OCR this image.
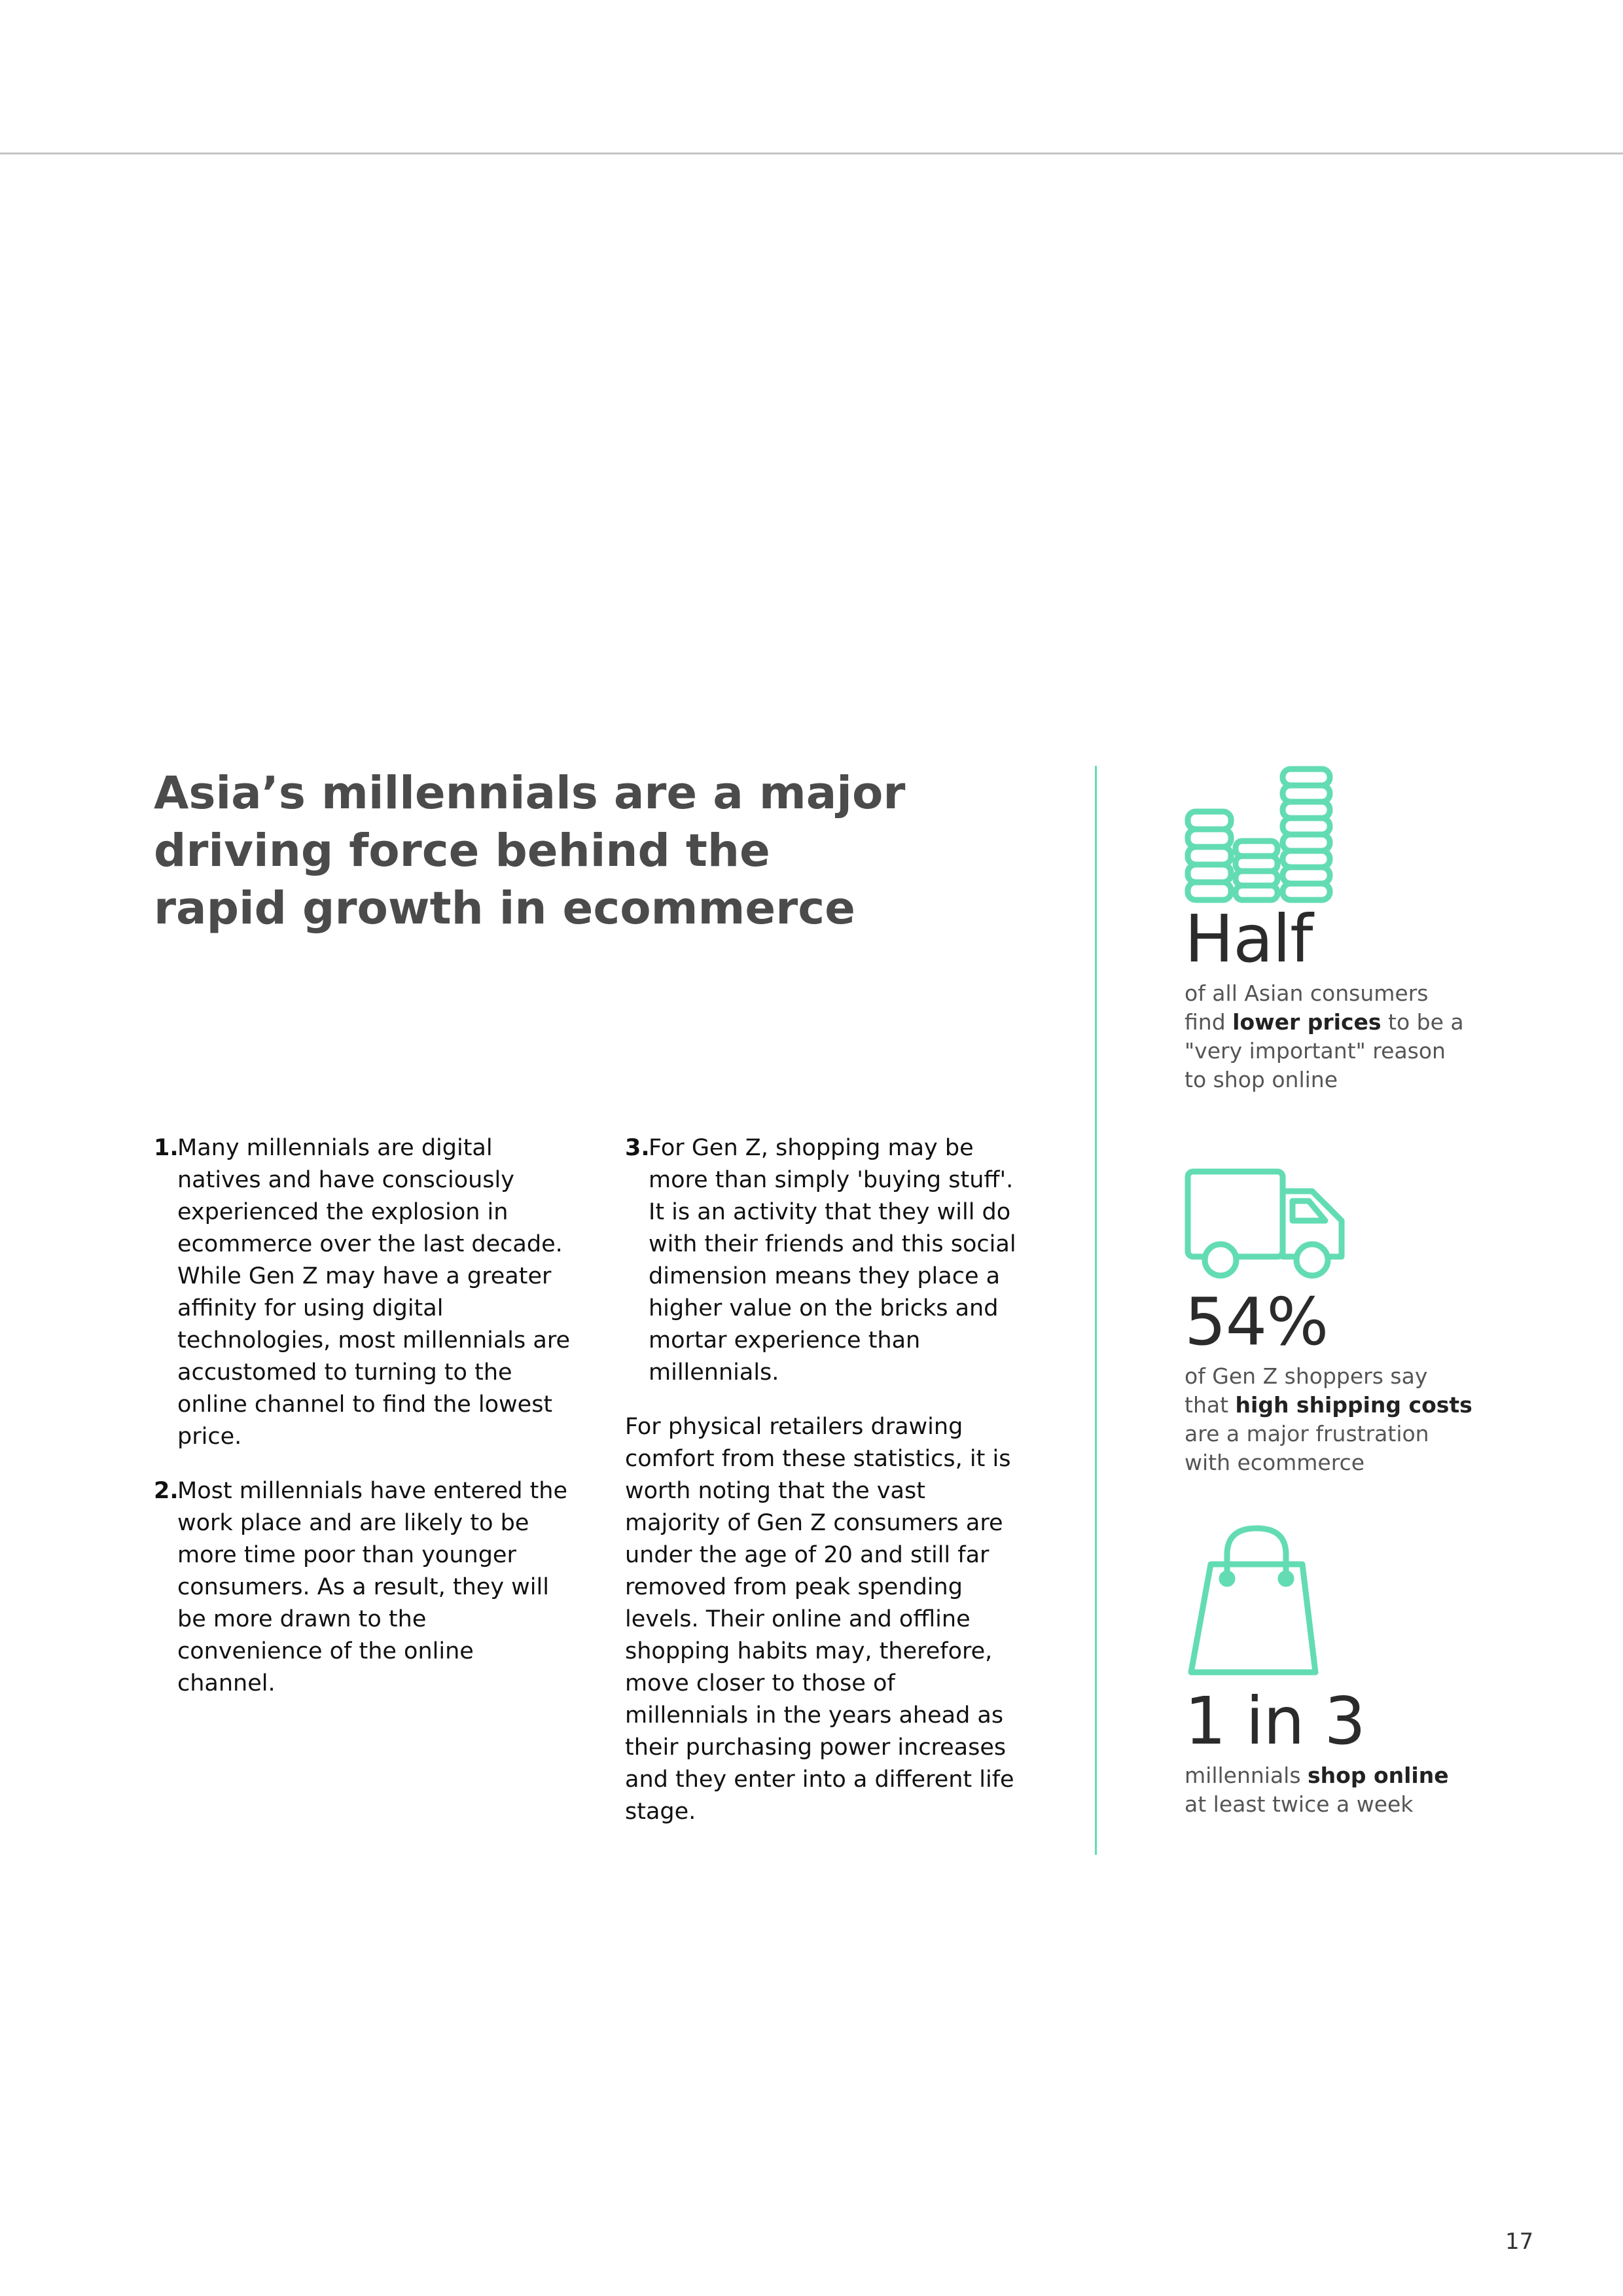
Asia’s millennials are a major driving force behind the rapid growth in ecommerce
1.
Many millennials are digital natives and have consciously experienced the explosion in ecommerce over the last decade. While Gen Z may have a greater affinity for using digital technologies, most millennials are accustomed to turning to the online channel to find the lowest price.
2.
Most millennials have entered the work place and are likely to be more time poor than younger consumers. As a result, they will be more drawn to the convenience of the online channel.
3.
For Gen Z, shopping may be more than simply 'buying stuff'. It is an activity that they will do with their friends and this social dimension means they place a higher value on the bricks and mortar experience than millennials.

For physical retailers drawing comfort from these statistics, it is worth noting that the vast majority of Gen Z consumers are under the age of 20 and still far removed from peak spending levels. Their online and offline shopping habits may, therefore, move closer to those of millennials in the years ahead as their purchasing power increases and they enter into a different life stage.

Half

of all Asian consumers find lower prices to be a "very important" reason to shop online

54%

of Gen Z shoppers say that high shipping costs are a major frustration with ecommerce

1 in 3

millennials shop online at least twice a week

17
